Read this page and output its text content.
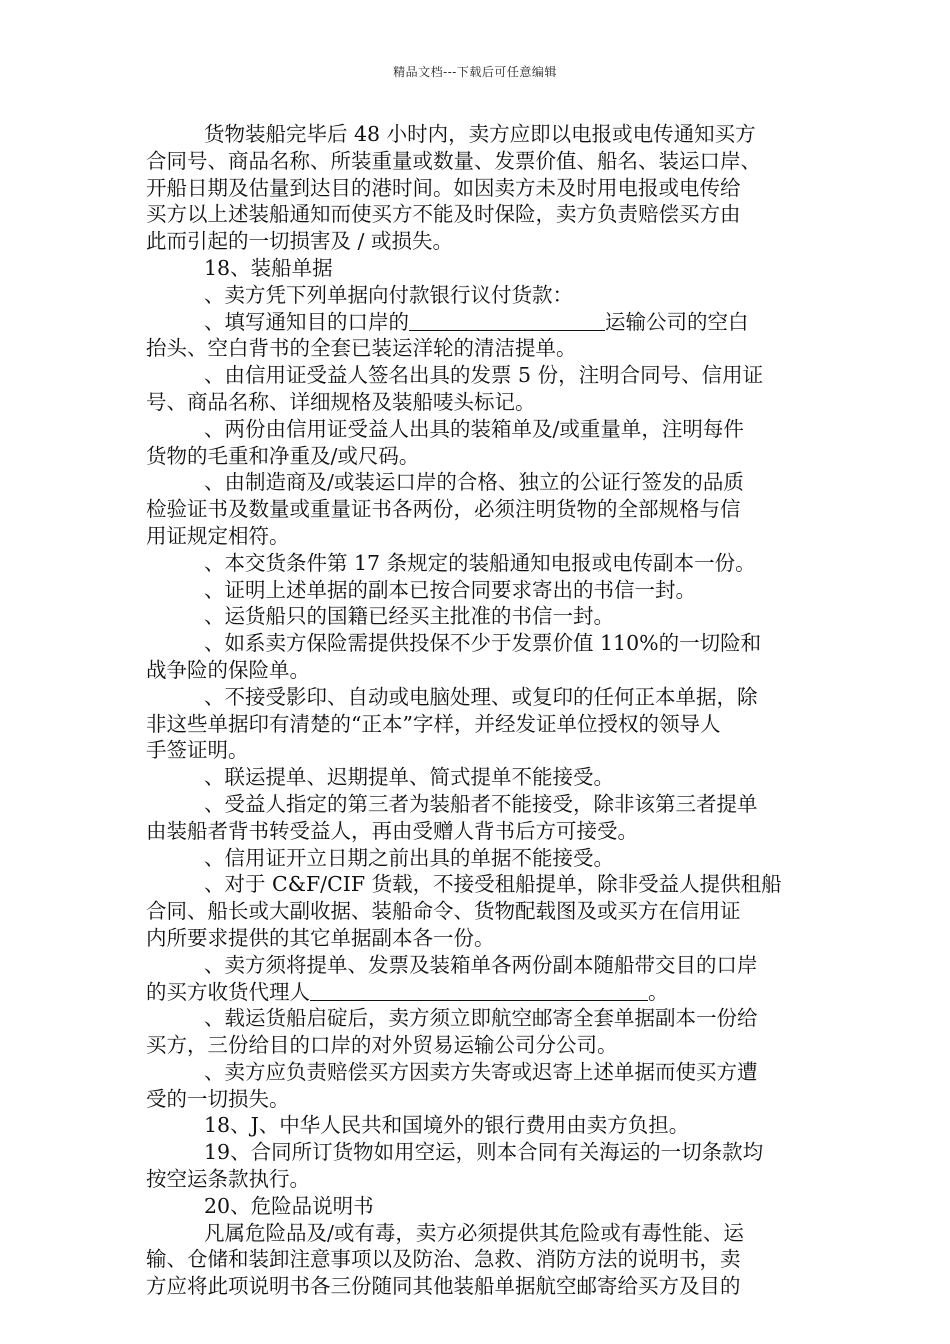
精品文档---下载后可任意编辑
货物装船完毕后 48 小时内，卖方应即以电报或电传通知买方
合同号、商品名称、所装重量或数量、发票价值、船名、装运口岸、
开船日期及估量到达目的港时间。如因卖方未及时用电报或电传给
买方以上述装船通知而使买方不能及时保险，卖方负责赔偿买方由
此而引起的一切损害及 / 或损失。
18、装船单据
、卖方凭下列单据向付款银行议付货款：
、填写通知目的口岸的	运输公司的空白
抬头、空白背书的全套已装运洋轮的清洁提单。
、由信用证受益人签名出具的发票 5 份，注明合同号、信用证
号、商品名称、详细规格及装船唛头标记。
、两份由信用证受益人出具的装箱单及/或重量单，注明每件
货物的毛重和净重及/或尺码。
、由制造商及/或装运口岸的合格、独立的公证行签发的品质
检验证书及数量或重量证书各两份，必须注明货物的全部规格与信
用证规定相符。
、本交货条件第 17 条规定的装船通知电报或电传副本一份。
、证明上述单据的副本已按合同要求寄出的书信一封。
、运货船只的国籍已经买主批准的书信一封。
、如系卖方保险需提供投保不少于发票价值 110%的一切险和
战争险的保险单。
、不接受影印、自动或电脑处理、或复印的任何正本单据，除
非这些单据印有清楚的“正本”字样，并经发证单位授权的领导人
手签证明。
、联运提单、迟期提单、简式提单不能接受。
、受益人指定的第三者为装船者不能接受，除非该第三者提单
由装船者背书转受益人，再由受赠人背书后方可接受。
、信用证开立日期之前出具的单据不能接受。
、对于 C&F/CIF 货载，不接受租船提单，除非受益人提供租船
合同、船长或大副收据、装船命令、货物配载图及或买方在信用证
内所要求提供的其它单据副本各一份。
、卖方须将提单、发票及装箱单各两份副本随船带交目的口岸
的买方收货代理人	。
、载运货船启碇后，卖方须立即航空邮寄全套单据副本一份给
买方，三份给目的口岸的对外贸易运输公司分公司。
、卖方应负责赔偿买方因卖方失寄或迟寄上述单据而使买方遭
受的一切损失。
18、J、中华人民共和国境外的银行费用由卖方负担。
19、合同所订货物如用空运，则本合同有关海运的一切条款均
按空运条款执行。
20、危险品说明书
凡属危险品及/或有毒，卖方必须提供其危险或有毒性能、运
输、仓储和装卸注意事项以及防治、急救、消防方法的说明书，卖
方应将此项说明书各三份随同其他装船单据航空邮寄给买方及目的
